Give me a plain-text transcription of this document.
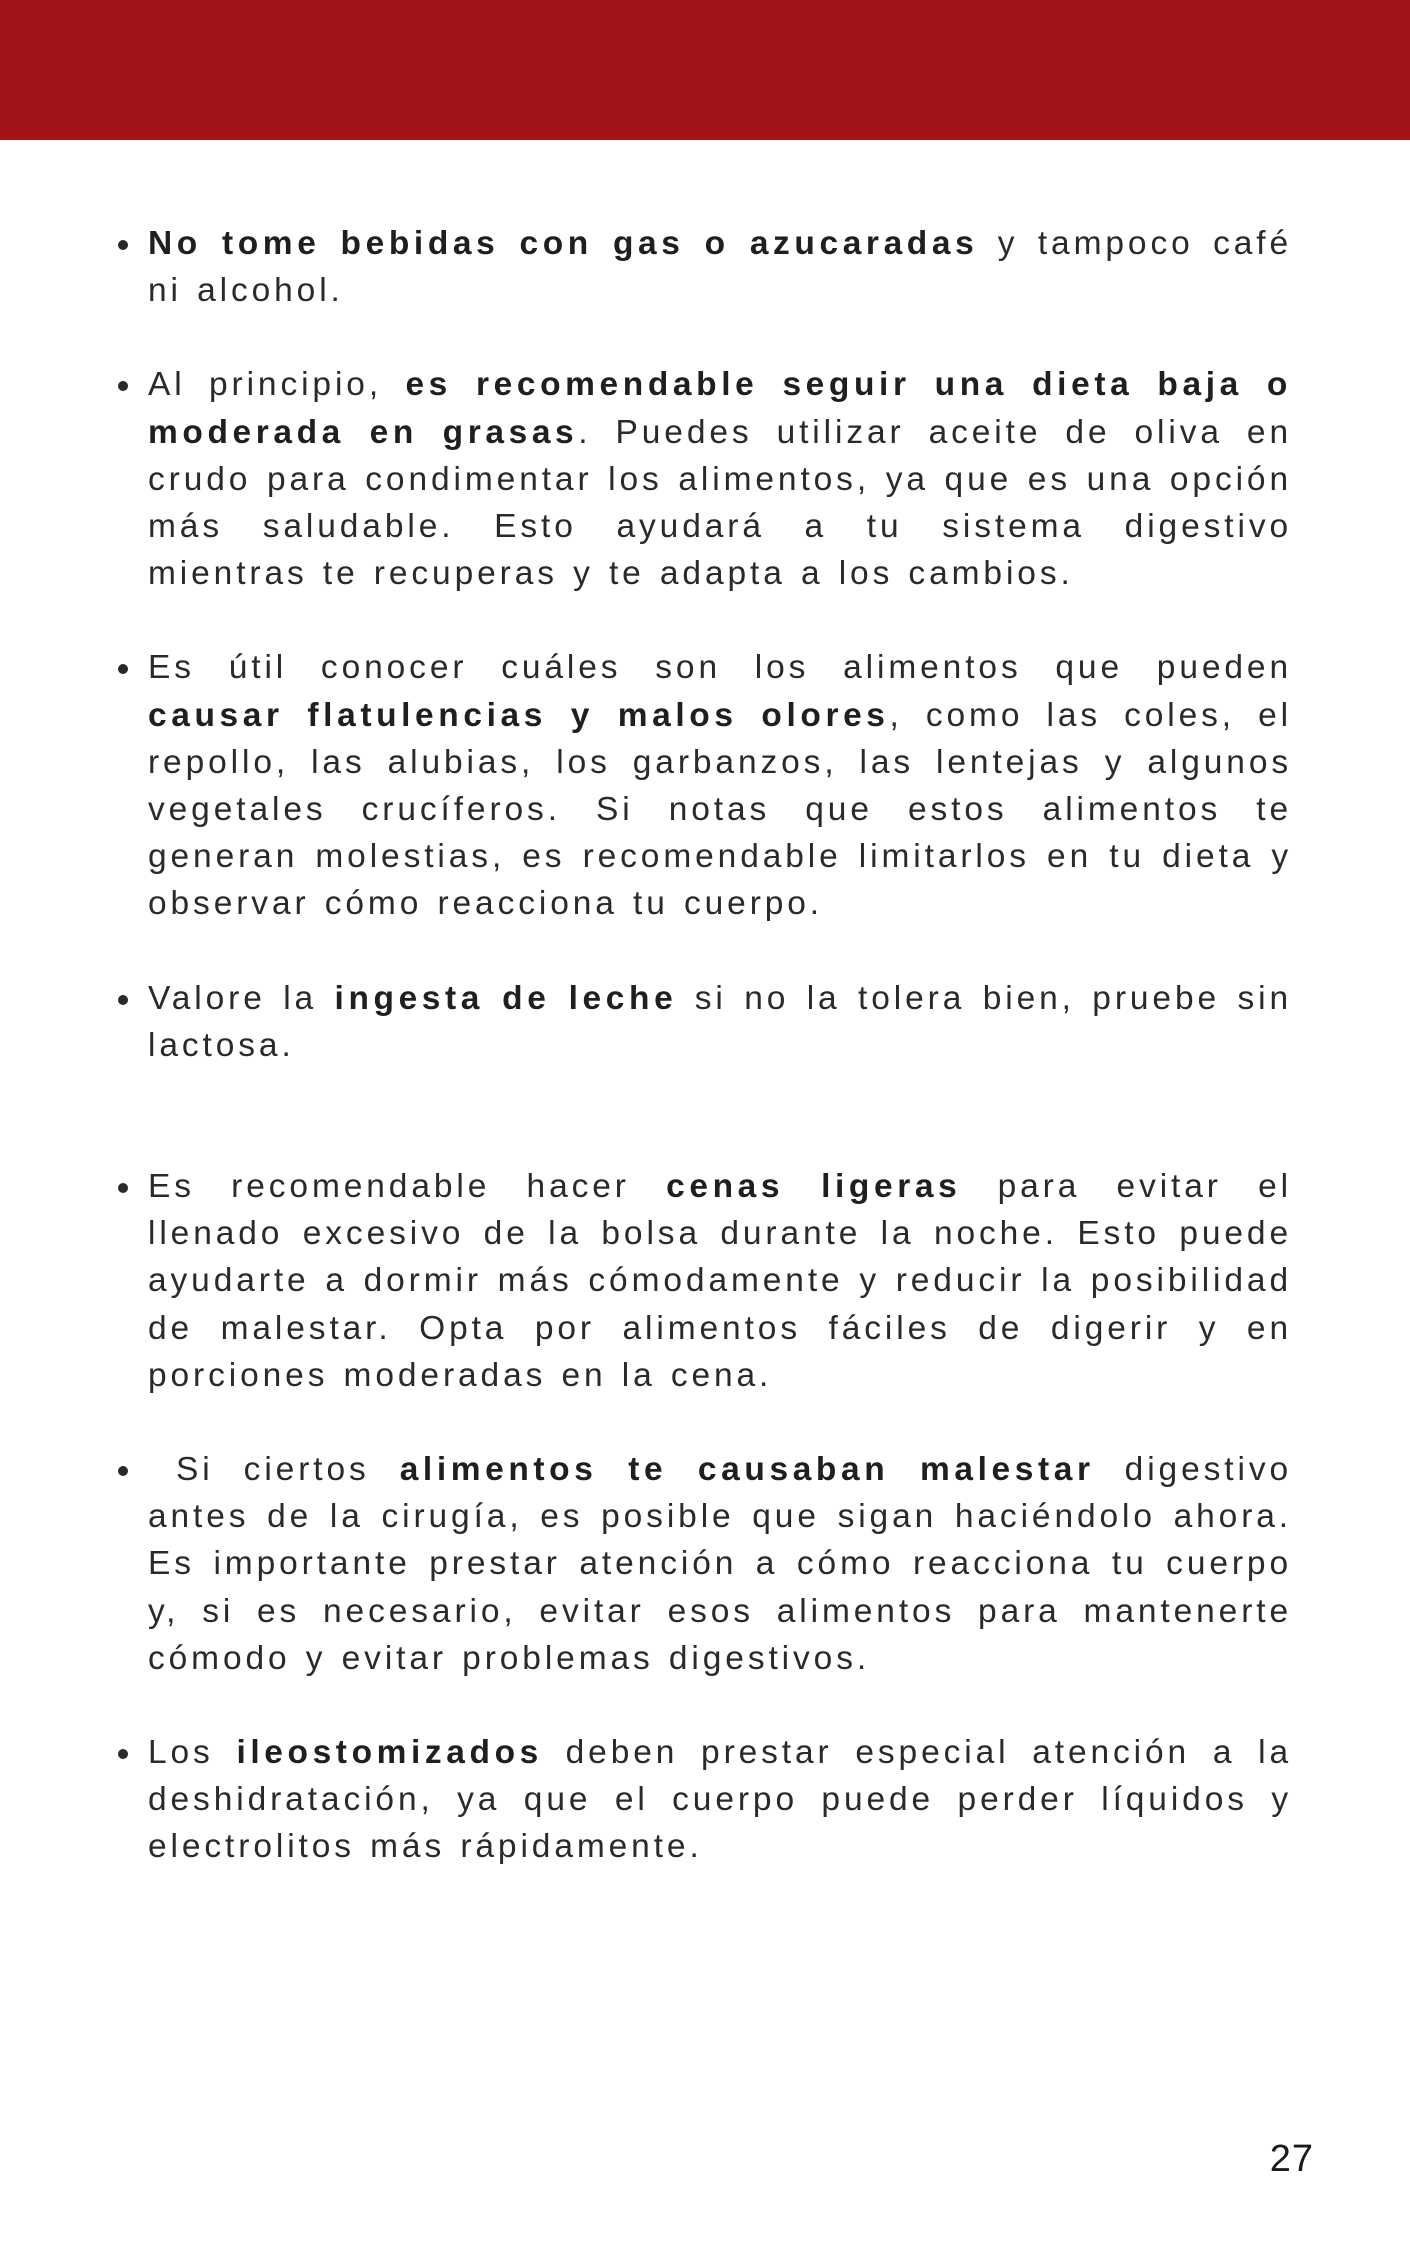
No tome bebidas con gas o azucaradas y tampoco café ni alcohol.
Al principio, es recomendable seguir una dieta baja o moderada en grasas. Puedes utilizar aceite de oliva en crudo para condimentar los alimentos, ya que es una opción más saludable. Esto ayudará a tu sistema digestivo mientras te recuperas y te adapta a los cambios.
Es útil conocer cuáles son los alimentos que pueden causar flatulencias y malos olores, como las coles, el repollo, las alubias, los garbanzos, las lentejas y algunos vegetales crucíferos. Si notas que estos alimentos te generan molestias, es recomendable limitarlos en tu dieta y observar cómo reacciona tu cuerpo.
Valore la ingesta de leche si no la tolera bien, pruebe sin lactosa.
Es recomendable hacer cenas ligeras para evitar el llenado excesivo de la bolsa durante la noche. Esto puede ayudarte a dormir más cómodamente y reducir la posibilidad de malestar. Opta por alimentos fáciles de digerir y en porciones moderadas en la cena.
Si ciertos alimentos te causaban malestar digestivo antes de la cirugía, es posible que sigan haciéndolo ahora. Es importante prestar atención a cómo reacciona tu cuerpo y, si es necesario, evitar esos alimentos para mantenerte cómodo y evitar problemas digestivos.
Los ileostomizados deben prestar especial atención a la deshidratación, ya que el cuerpo puede perder líquidos y electrolitos más rápidamente.
27
